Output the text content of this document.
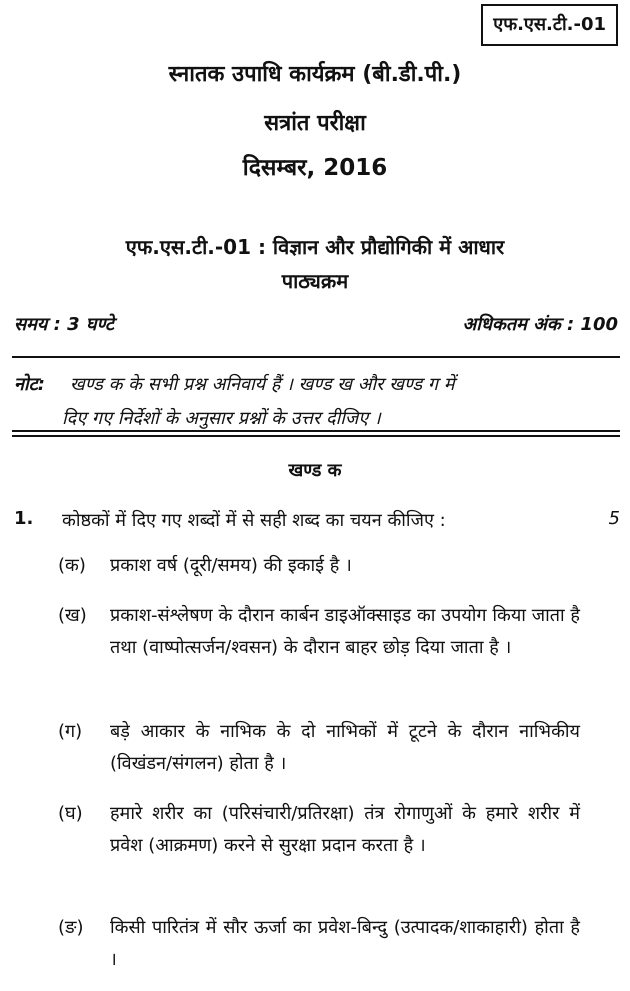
एफ.एस.टी.-01
स्नातक उपाधि कार्यक्रम (बी.डी.पी.)
सत्रांत परीक्षा
दिसम्बर, 2016
एफ.एस.टी.-01 : विज्ञान और प्रौद्योगिकी में आधार
पाठ्यक्रम
समय : 3 घण्टे	अधिकतम अंक : 100
नोट: खण्ड क के सभी प्रश्न अनिवार्य हैं । खण्ड ख और खण्ड ग में
दिए गए निर्देशों के अनुसार प्रश्नों के उत्तर दीजिए ।
खण्ड क
1.	कोष्ठकों में दिए गए शब्दों में से सही शब्द का चयन कीजिए :	5
(क)	प्रकाश वर्ष (दूरी/समय) की इकाई है ।
(ख)	प्रकाश-संश्लेषण के दौरान कार्बन डाइऑक्साइड का उपयोग किया जाता है तथा (वाष्पोत्सर्जन/श्वसन) के दौरान बाहर छोड़ दिया जाता है ।
(ग)	बड़े आकार के नाभिक के दो नाभिकों में टूटने के दौरान नाभिकीय (विखंडन/संगलन) होता है ।
(घ)	हमारे शरीर का (परिसंचारी/प्रतिरक्षा) तंत्र रोगाणुओं के हमारे शरीर में प्रवेश (आक्रमण) करने से सुरक्षा प्रदान करता है ।
(ङ)	किसी पारितंत्र में सौर ऊर्जा का प्रवेश-बिन्दु (उत्पादक/शाकाहारी) होता है ।
